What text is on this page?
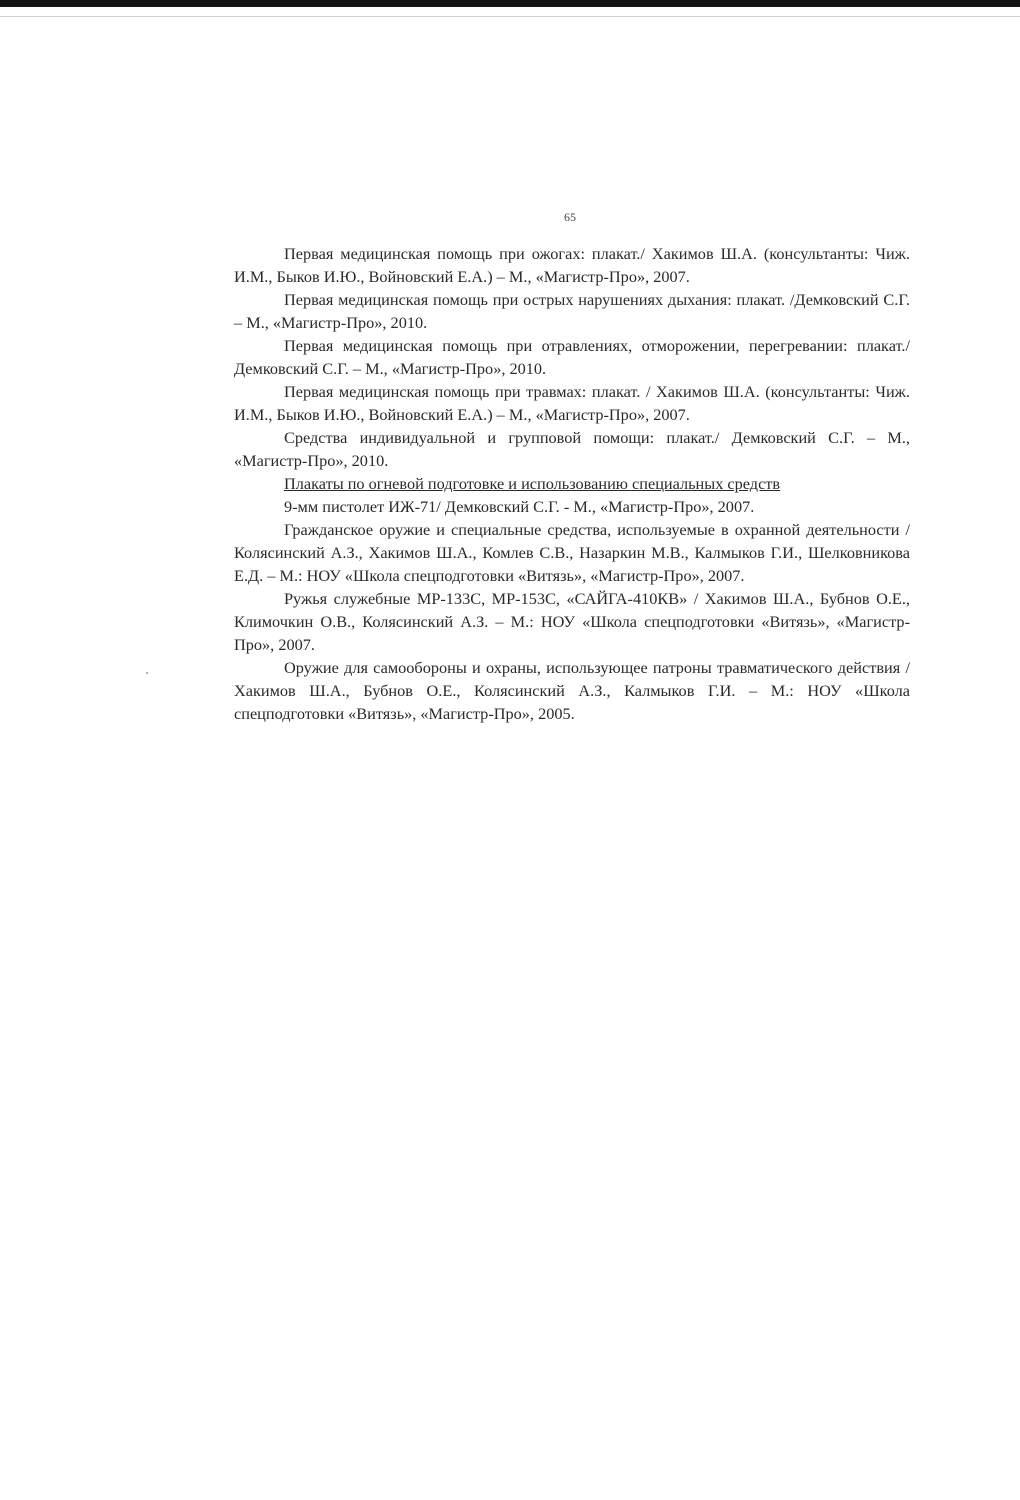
65

Первая медицинская помощь при ожогах: плакат./ Хакимов Ш.А. (консультанты: Чиж. И.М., Быков И.Ю., Войновский Е.А.) – М., «Магистр-Про», 2007.

Первая медицинская помощь при острых нарушениях дыхания: плакат. /Демковский С.Г. – М., «Магистр-Про», 2010.

Первая медицинская помощь при отравлениях, отморожении, перегревании: плакат./Демковский С.Г. – М., «Магистр-Про», 2010.

Первая медицинская помощь при травмах: плакат. / Хакимов Ш.А. (консультанты: Чиж. И.М., Быков И.Ю., Войновский Е.А.) – М., «Магистр-Про», 2007.

Средства индивидуальной и групповой помощи: плакат./ Демковский С.Г. – М., «Магистр-Про», 2010.

Плакаты по огневой подготовке и использованию специальных средств

9-мм пистолет ИЖ-71/ Демковский С.Г. - М., «Магистр-Про», 2007.

Гражданское оружие и специальные средства, используемые в охранной деятельности / Колясинский А.З., Хакимов Ш.А., Комлев С.В., Назаркин М.В., Калмыков Г.И., Шелковникова Е.Д. – М.: НОУ «Школа спецподготовки «Витязь», «Магистр-Про», 2007.

Ружья служебные МР-133С, МР-153С, «САЙГА-410КВ» / Хакимов Ш.А., Бубнов О.Е., Климочкин О.В., Колясинский А.З. – М.: НОУ «Школа спецподготовки «Витязь», «Магистр-Про», 2007.

Оружие для самообороны и охраны, использующее патроны травматического действия / Хакимов Ш.А., Бубнов О.Е., Колясинский А.З., Калмыков Г.И. – М.: НОУ «Школа спецподготовки «Витязь», «Магистр-Про», 2005.
